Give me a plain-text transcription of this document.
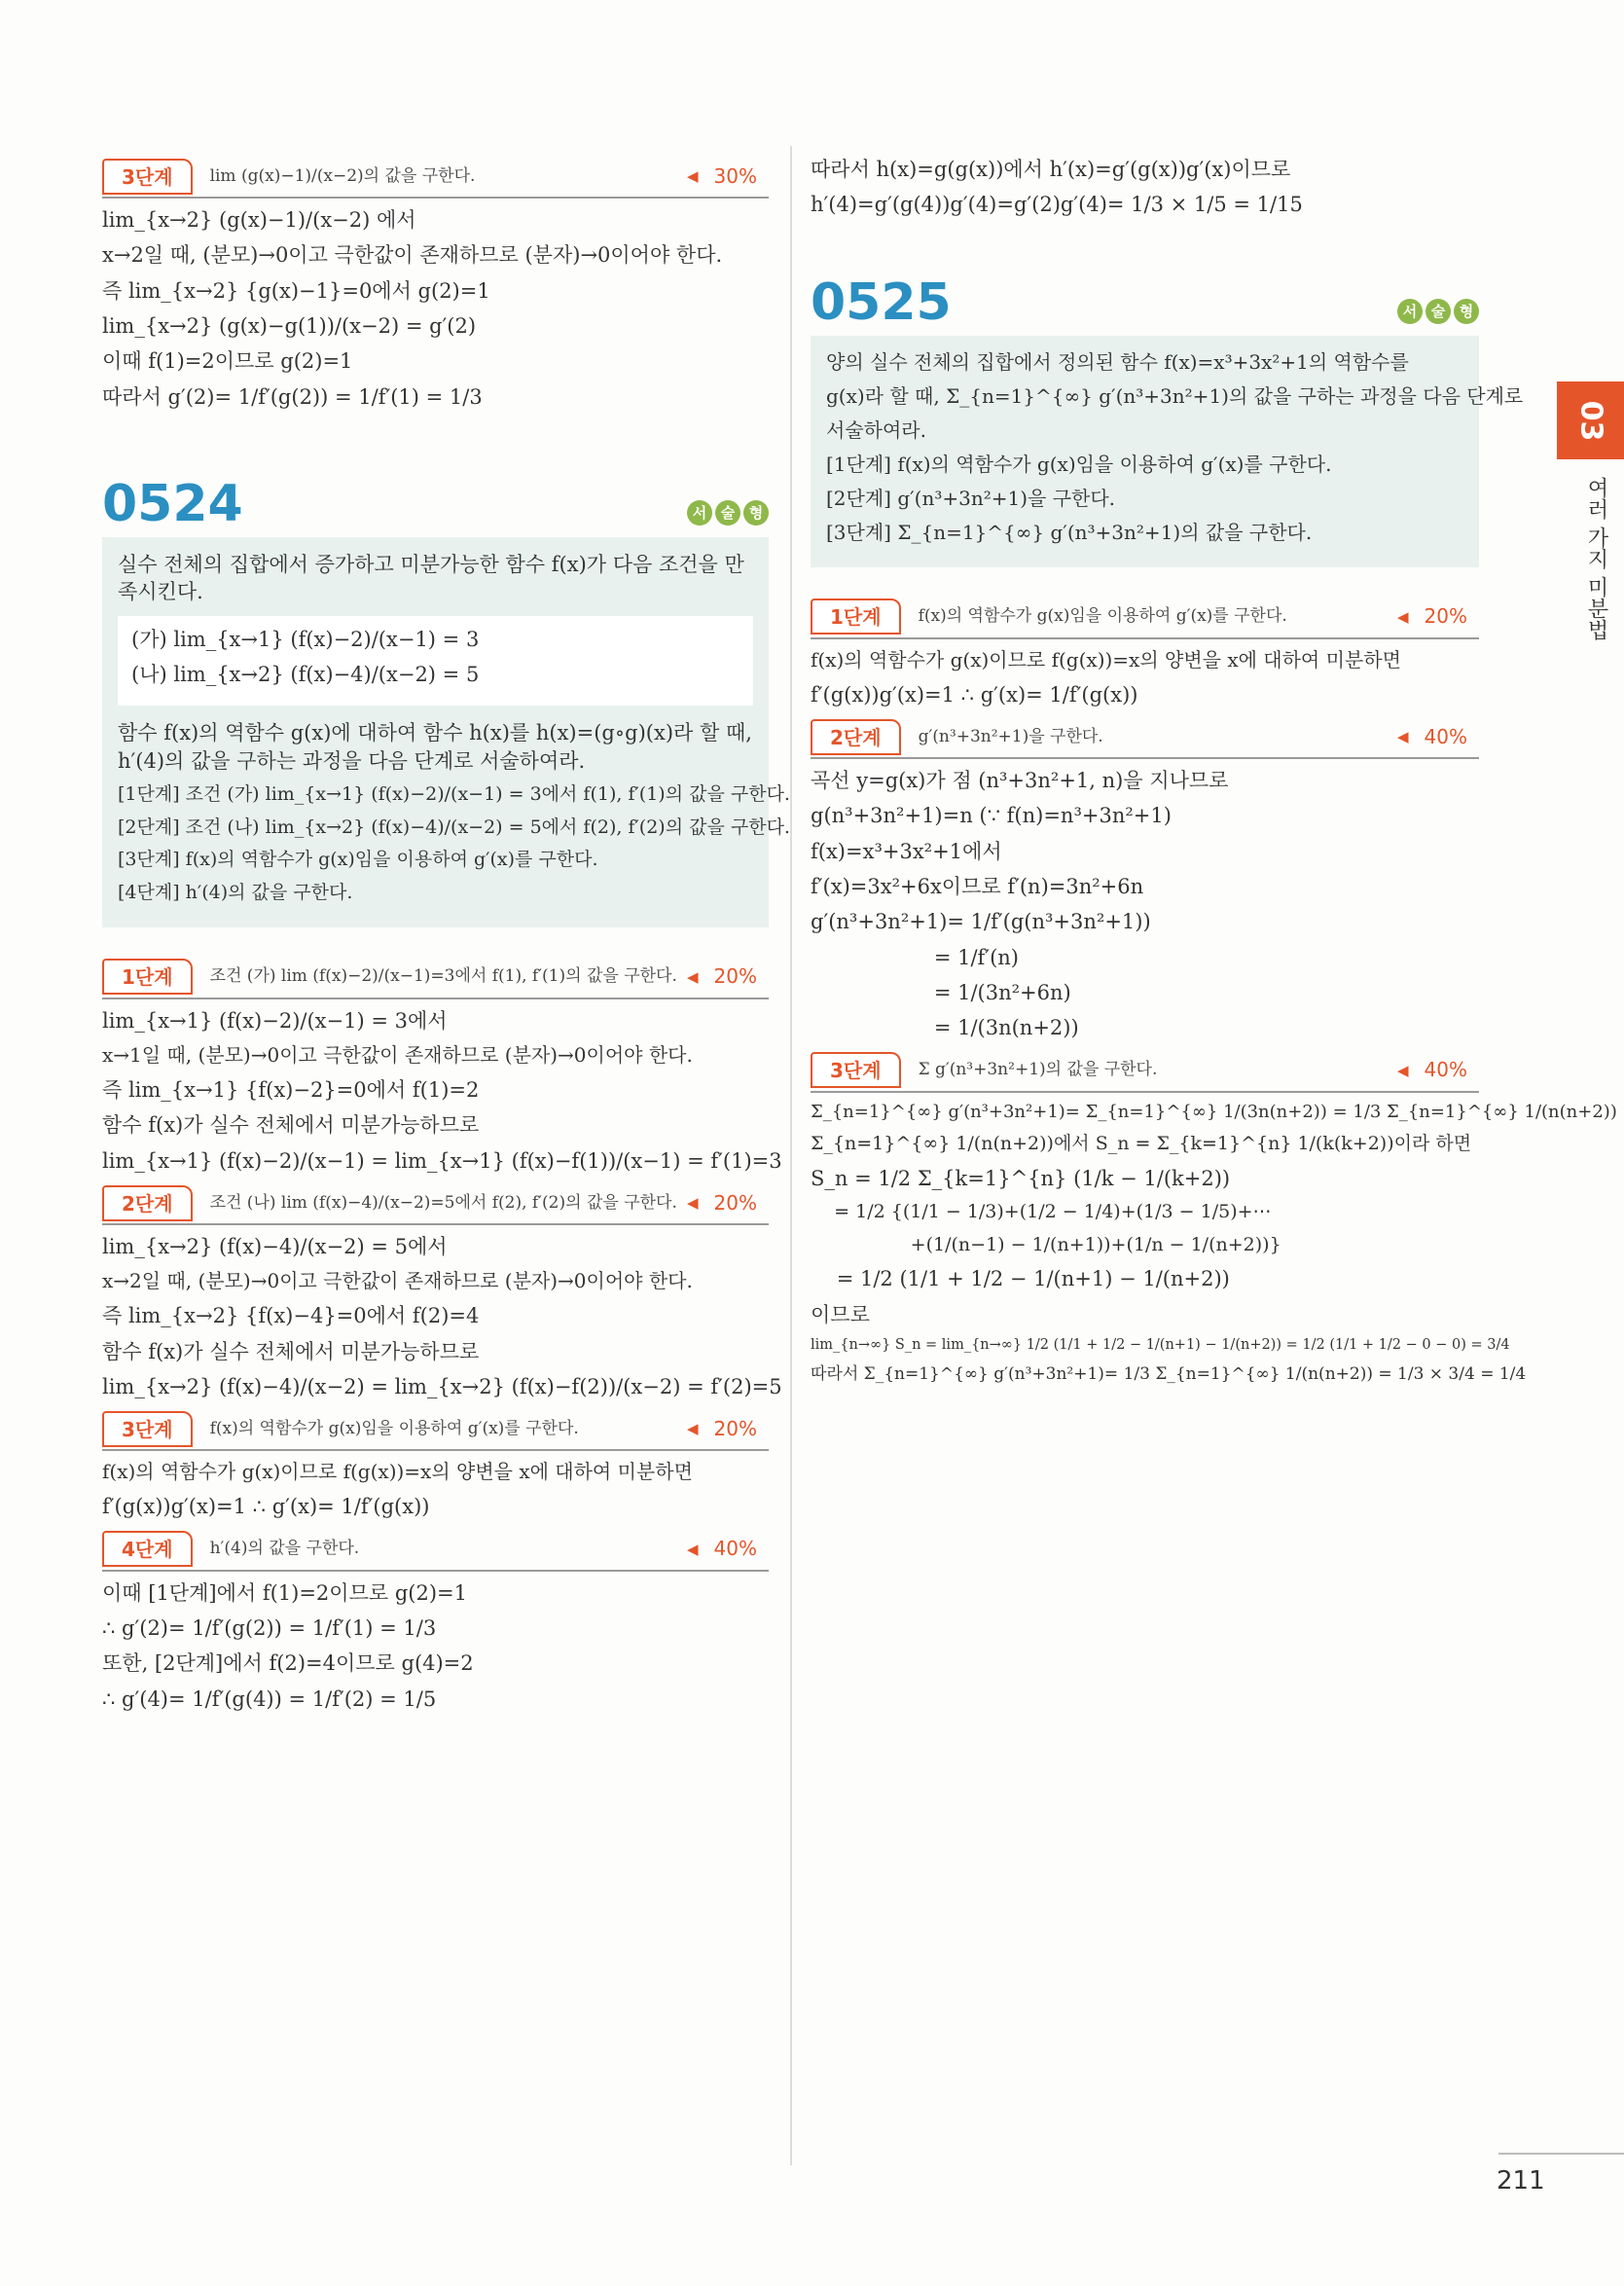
03
여러 가지 미분법
211
3단계	lim (g(x)−1)/(x−2)의 값을 구한다.	◀ 30%
lim_{x→2} (g(x)−1)/(x−2) 에서
x→2일 때, (분모)→0이고 극한값이 존재하므로 (분자)→0이어야 한다.
즉 lim_{x→2} {g(x)−1}=0에서 g(2)=1
lim_{x→2} (g(x)−g(1))/(x−2) = g′(2)
이때 f(1)=2이므로 g(2)=1
따라서 g′(2)= 1/f′(g(2)) = 1/f′(1) = 1/3
0524	서 술 형
실수 전체의 집합에서 증가하고 미분가능한 함수 f(x)가 다음 조건을 만족시킨다.
(가) lim_{x→1} (f(x)−2)/(x−1) = 3
(나) lim_{x→2} (f(x)−4)/(x−2) = 5
함수 f(x)의 역함수 g(x)에 대하여 함수 h(x)를 h(x)=(g∘g)(x)라 할 때, h′(4)의 값을 구하는 과정을 다음 단계로 서술하여라.
[1단계] 조건 (가) lim_{x→1} (f(x)−2)/(x−1) = 3에서 f(1), f′(1)의 값을 구한다.
[2단계] 조건 (나) lim_{x→2} (f(x)−4)/(x−2) = 5에서 f(2), f′(2)의 값을 구한다.
[3단계] f(x)의 역함수가 g(x)임을 이용하여 g′(x)를 구한다.
[4단계] h′(4)의 값을 구한다.
1단계	조건 (가) lim (f(x)−2)/(x−1)=3에서 f(1), f′(1)의 값을 구한다. ◀ 20%
lim_{x→1} (f(x)−2)/(x−1) = 3에서
x→1일 때, (분모)→0이고 극한값이 존재하므로 (분자)→0이어야 한다.
즉 lim_{x→1} {f(x)−2}=0에서 f(1)=2
함수 f(x)가 실수 전체에서 미분가능하므로
lim_{x→1} (f(x)−2)/(x−1) = lim_{x→1} (f(x)−f(1))/(x−1) = f′(1)=3
2단계	조건 (나) lim (f(x)−4)/(x−2)=5에서 f(2), f′(2)의 값을 구한다. ◀ 20%
lim_{x→2} (f(x)−4)/(x−2) = 5에서
x→2일 때, (분모)→0이고 극한값이 존재하므로 (분자)→0이어야 한다.
즉 lim_{x→2} {f(x)−4}=0에서 f(2)=4
함수 f(x)가 실수 전체에서 미분가능하므로
lim_{x→2} (f(x)−4)/(x−2) = lim_{x→2} (f(x)−f(2))/(x−2) = f′(2)=5
3단계	f(x)의 역함수가 g(x)임을 이용하여 g′(x)를 구한다.	◀ 20%
f(x)의 역함수가 g(x)이므로 f(g(x))=x의 양변을 x에 대하여 미분하면
f′(g(x))g′(x)=1 ∴ g′(x)= 1/f′(g(x))
4단계	h′(4)의 값을 구한다.	◀ 40%
이때 [1단계]에서 f(1)=2이므로 g(2)=1
∴ g′(2)= 1/f′(g(2)) = 1/f′(1) = 1/3
또한, [2단계]에서 f(2)=4이므로 g(4)=2
∴ g′(4)= 1/f′(g(4)) = 1/f′(2) = 1/5
따라서 h(x)=g(g(x))에서 h′(x)=g′(g(x))g′(x)이므로
h′(4)=g′(g(4))g′(4)=g′(2)g′(4)= 1/3 × 1/5 = 1/15
0525	서 술 형
양의 실수 전체의 집합에서 정의된 함수 f(x)=x³+3x²+1의 역함수를
g(x)라 할 때, Σ_{n=1}^{∞} g′(n³+3n²+1)의 값을 구하는 과정을 다음 단계로
서술하여라.
[1단계] f(x)의 역함수가 g(x)임을 이용하여 g′(x)를 구한다.
[2단계] g′(n³+3n²+1)을 구한다.
[3단계] Σ_{n=1}^{∞} g′(n³+3n²+1)의 값을 구한다.
1단계	f(x)의 역함수가 g(x)임을 이용하여 g′(x)를 구한다.	◀ 20%
f(x)의 역함수가 g(x)이므로 f(g(x))=x의 양변을 x에 대하여 미분하면
f′(g(x))g′(x)=1 ∴ g′(x)= 1/f′(g(x))
2단계	g′(n³+3n²+1)을 구한다.	◀ 40%
곡선 y=g(x)가 점 (n³+3n²+1, n)을 지나므로
g(n³+3n²+1)=n (∵ f(n)=n³+3n²+1)
f(x)=x³+3x²+1에서
f′(x)=3x²+6x이므로 f′(n)=3n²+6n
g′(n³+3n²+1)= 1/f′(g(n³+3n²+1))
= 1/f′(n)
= 1/(3n²+6n)
= 1/(3n(n+2))
3단계	Σ g′(n³+3n²+1)의 값을 구한다.	◀ 40%
Σ_{n=1}^{∞} g′(n³+3n²+1)= Σ_{n=1}^{∞} 1/(3n(n+2)) = 1/3 Σ_{n=1}^{∞} 1/(n(n+2))
Σ_{n=1}^{∞} 1/(n(n+2))에서 S_n = Σ_{k=1}^{n} 1/(k(k+2))이라 하면
S_n = 1/2 Σ_{k=1}^{n} (1/k − 1/(k+2))
= 1/2 {(1/1 − 1/3)+(1/2 − 1/4)+(1/3 − 1/5)+⋯
+(1/(n−1) − 1/(n+1))+(1/n − 1/(n+2))}
= 1/2 (1/1 + 1/2 − 1/(n+1) − 1/(n+2))
이므로
lim_{n→∞} S_n = lim_{n→∞} 1/2 (1/1 + 1/2 − 1/(n+1) − 1/(n+2)) = 1/2 (1/1 + 1/2 − 0 − 0) = 3/4
따라서 Σ_{n=1}^{∞} g′(n³+3n²+1)= 1/3 Σ_{n=1}^{∞} 1/(n(n+2)) = 1/3 × 3/4 = 1/4
